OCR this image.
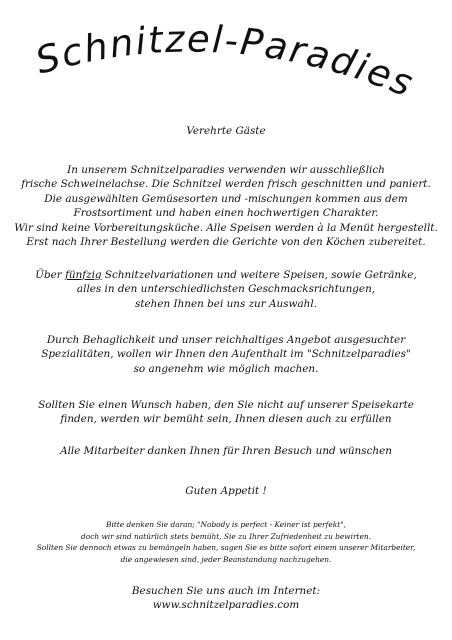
Schnitzel-Paradies
Verehrte Gäste
In unserem Schnitzelparadies verwenden wir ausschließlich
frische Schweinelachse. Die Schnitzel werden frisch geschnitten und paniert.
Die ausgewählten Gemüsesorten und -mischungen kommen aus dem
Frostsortiment und haben einen hochwertigen Charakter.
Wir sind keine Vorbereitungsküche. Alle Speisen werden à la Menüt hergestellt.
Erst nach Ihrer Bestellung werden die Gerichte von den Köchen zubereitet.
Über fünfzig Schnitzelvariationen und weitere Speisen, sowie Getränke,
alles in den unterschiedlichsten Geschmacksrichtungen,
stehen Ihnen bei uns zur Auswahl.
Durch Behaglichkeit und unser reichhaltiges Angebot ausgesuchter
Spezialitäten, wollen wir Ihnen den Aufenthalt im "Schnitzelparadies"
so angenehm wie möglich machen.
Sollten Sie einen Wunsch haben, den Sie nicht auf unserer Speisekarte
finden, werden wir bemüht sein, Ihnen diesen auch zu erfüllen
Alle Mitarbeiter danken Ihnen für Ihren Besuch und wünschen
Guten Appetit !
Bitte denken Sie daran; "Nobody is perfect - Keiner ist perfekt",
doch wir sind natürlich stets bemüht, Sie zu Ihrer Zufriedenheit zu bewirten.
Sollten Sie dennoch etwas zu bemängeln haben, sagen Sie es bitte sofort einem unserer Mitarbeiter,
die angewiesen sind, jeder Beanstandung nachzugehen.
Besuchen Sie uns auch im Internet:
www.schnitzelparadies.com
